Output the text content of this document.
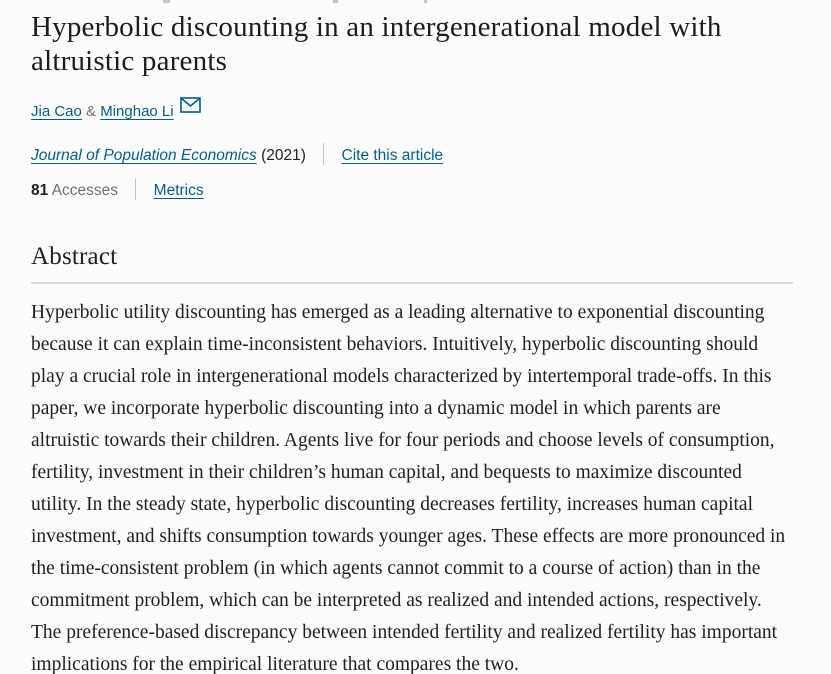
Hyperbolic discounting in an intergenerational model with altruistic parents
Jia Cao & Minghao Li
Journal of Population Economics (2021) Cite this article
81 Accesses Metrics
Abstract

Hyperbolic utility discounting has emerged as a leading alternative to exponential discounting because it can explain time-inconsistent behaviors. Intuitively, hyperbolic discounting should play a crucial role in intergenerational models characterized by intertemporal trade-offs. In this paper, we incorporate hyperbolic discounting into a dynamic model in which parents are altruistic towards their children. Agents live for four periods and choose levels of consumption, fertility, investment in their children’s human capital, and bequests to maximize discounted utility. In the steady state, hyperbolic discounting decreases fertility, increases human capital investment, and shifts consumption towards younger ages. These effects are more pronounced in the time-consistent problem (in which agents cannot commit to a course of action) than in the commitment problem, which can be interpreted as realized and intended actions, respectively. The preference-based discrepancy between intended fertility and realized fertility has important implications for the empirical literature that compares the two.
